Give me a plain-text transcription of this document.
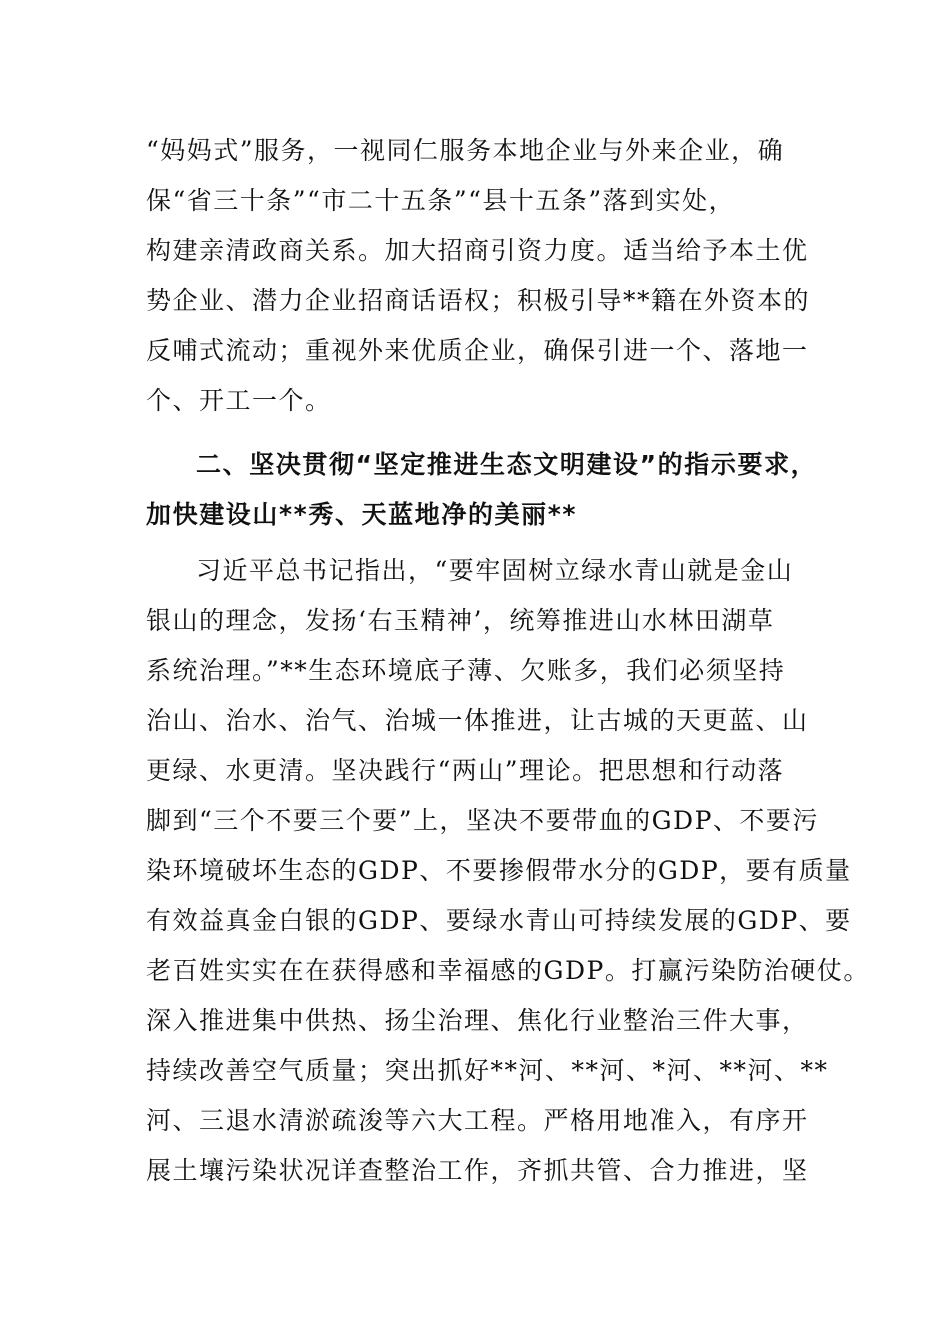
“妈妈式”服务，一视同仁服务本地企业与外来企业，确
保“省三十条”“市二十五条”“县十五条”落到实处，
构建亲清政商关系。加大招商引资力度。适当给予本土优
势企业、潜力企业招商话语权；积极引导**籍在外资本的
反哺式流动；重视外来优质企业，确保引进一个、落地一
个、开工一个。
二、坚决贯彻“坚定推进生态文明建设”的指示要求，
加快建设山**秀、天蓝地净的美丽**
习近平总书记指出，“要牢固树立绿水青山就是金山
银山的理念，发扬‘右玉精神’，统筹推进山水林田湖草
系统治理。”**生态环境底子薄、欠账多，我们必须坚持
治山、治水、治气、治城一体推进，让古城的天更蓝、山
更绿、水更清。坚决践行“两山”理论。把思想和行动落
脚到“三个不要三个要”上，坚决不要带血的GDP、不要污
染环境破坏生态的GDP、不要掺假带水分的GDP，要有质量
有效益真金白银的GDP、要绿水青山可持续发展的GDP、要
老百姓实实在在获得感和幸福感的GDP。打赢污染防治硬仗。
深入推进集中供热、扬尘治理、焦化行业整治三件大事，
持续改善空气质量；突出抓好**河、**河、*河、**河、**
河、三退水清淤疏浚等六大工程。严格用地准入，有序开
展土壤污染状况详查整治工作，齐抓共管、合力推进，坚
